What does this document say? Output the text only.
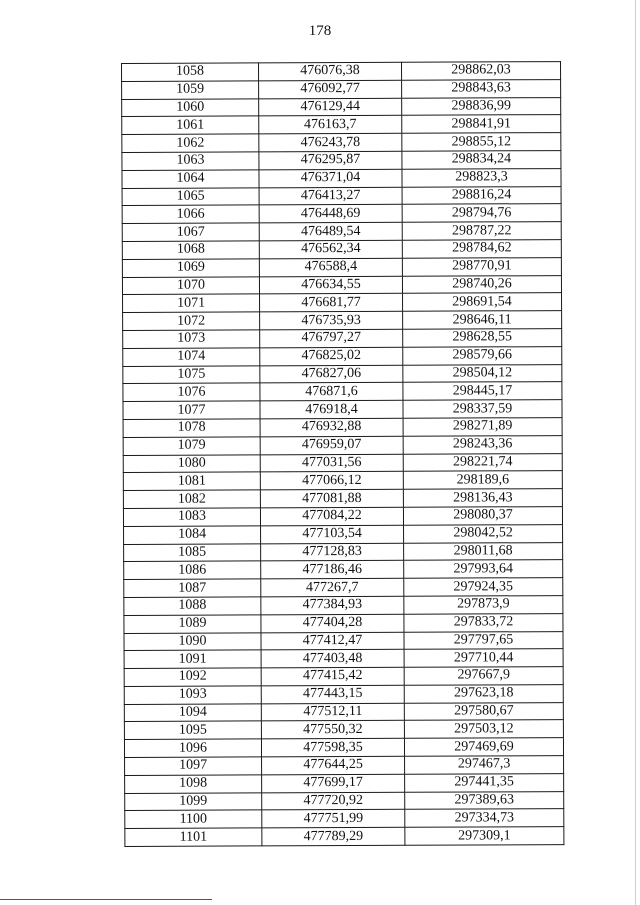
178
1058	476076,38	298862,03
1059	476092,77	298843,63
1060	476129,44	298836,99
1061	476163,7	298841,91
1062	476243,78	298855,12
1063	476295,87	298834,24
1064	476371,04	298823,3
1065	476413,27	298816,24
1066	476448,69	298794,76
1067	476489,54	298787,22
1068	476562,34	298784,62
1069	476588,4	298770,91
1070	476634,55	298740,26
1071	476681,77	298691,54
1072	476735,93	298646,11
1073	476797,27	298628,55
1074	476825,02	298579,66
1075	476827,06	298504,12
1076	476871,6	298445,17
1077	476918,4	298337,59
1078	476932,88	298271,89
1079	476959,07	298243,36
1080	477031,56	298221,74
1081	477066,12	298189,6
1082	477081,88	298136,43
1083	477084,22	298080,37
1084	477103,54	298042,52
1085	477128,83	298011,68
1086	477186,46	297993,64
1087	477267,7	297924,35
1088	477384,93	297873,9
1089	477404,28	297833,72
1090	477412,47	297797,65
1091	477403,48	297710,44
1092	477415,42	297667,9
1093	477443,15	297623,18
1094	477512,11	297580,67
1095	477550,32	297503,12
1096	477598,35	297469,69
1097	477644,25	297467,3
1098	477699,17	297441,35
1099	477720,92	297389,63
1100	477751,99	297334,73
1101	477789,29	297309,1
